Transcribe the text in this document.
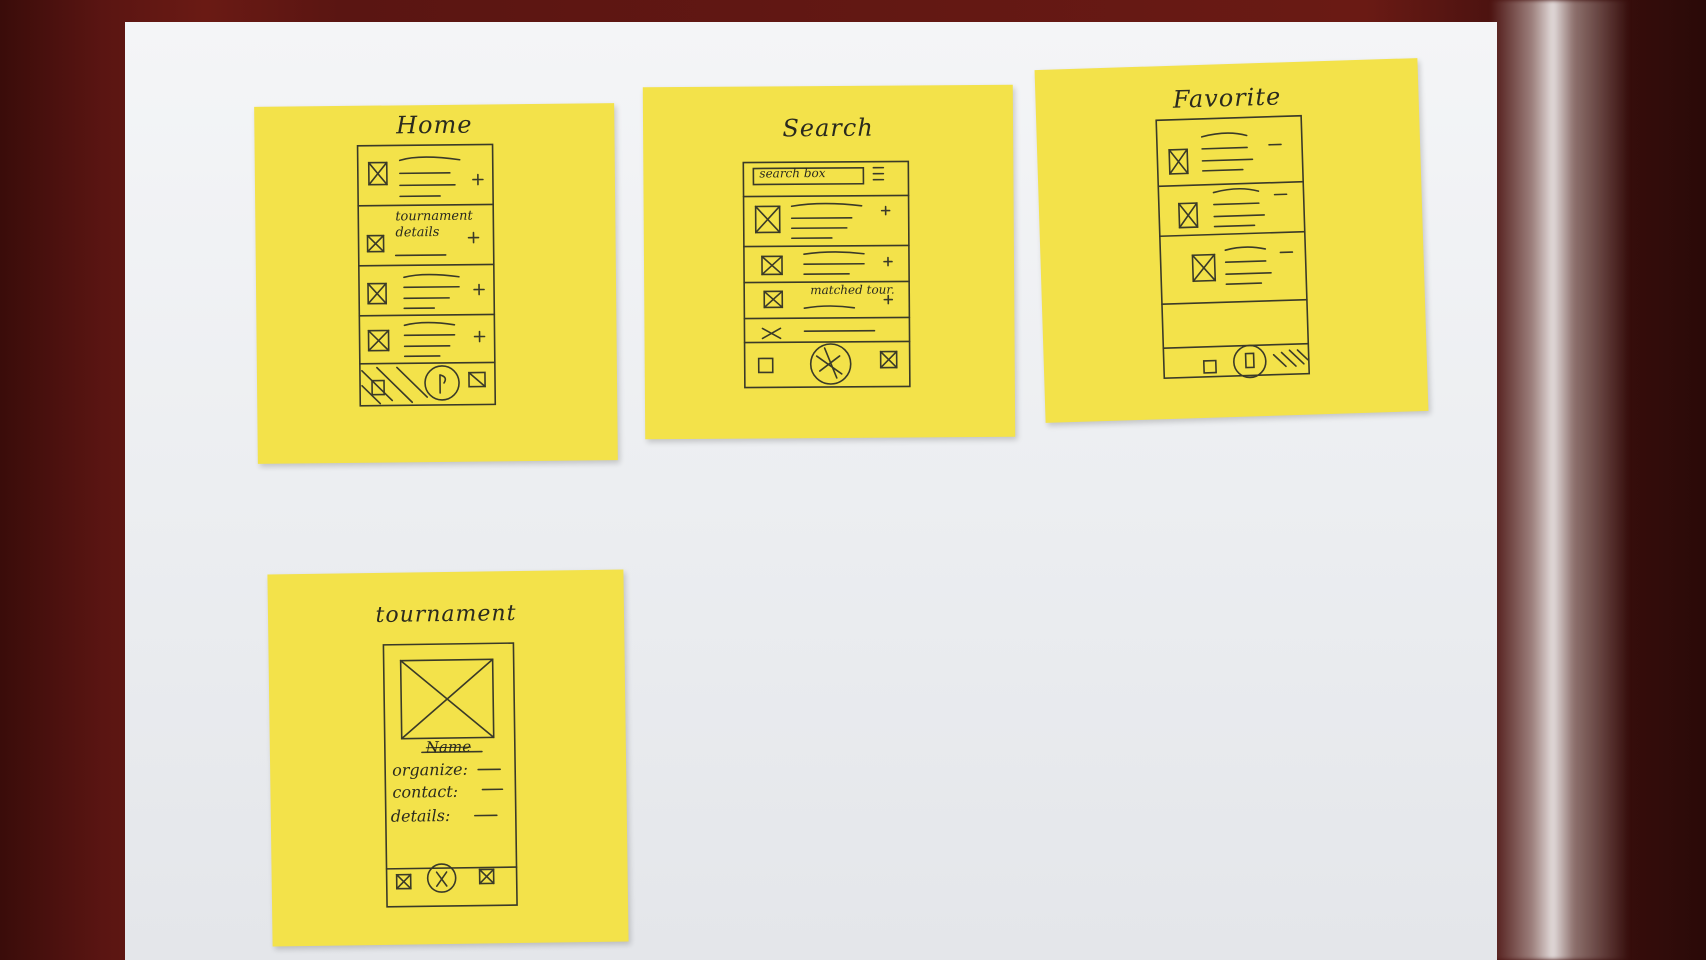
Home
tournament details
Search
search box
matched tour.
Favorite
tournament
Name
organize:
contact:
details:
